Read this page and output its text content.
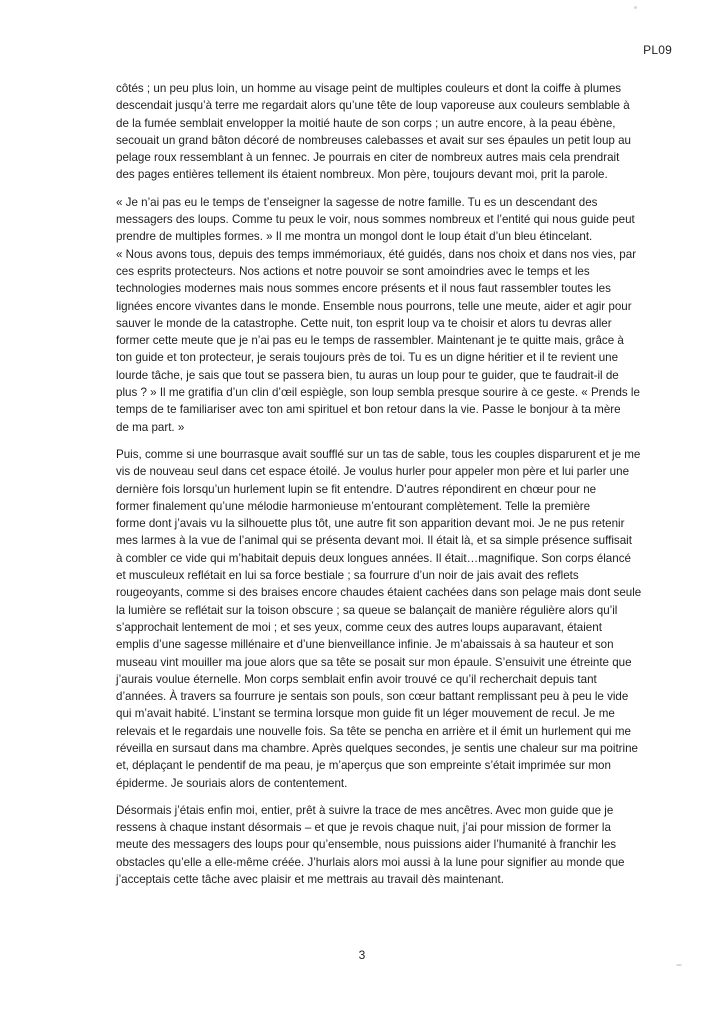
PL09

côtés ; un peu plus loin, un homme au visage peint de multiples couleurs et dont la coiffe à plumes
descendait jusqu’à terre me regardait alors qu’une tête de loup vaporeuse aux couleurs semblable à
de la fumée semblait envelopper la moitié haute de son corps ; un autre encore, à la peau ébène,
secouait un grand bâton décoré de nombreuses calebasses et avait sur ses épaules un petit loup au
pelage roux ressemblant à un fennec. Je pourrais en citer de nombreux autres mais cela prendrait
des pages entières tellement ils étaient nombreux. Mon père, toujours devant moi, prit la parole.

« Je n’ai pas eu le temps de t’enseigner la sagesse de notre famille. Tu es un descendant des
messagers des loups. Comme tu peux le voir, nous sommes nombreux et l’entité qui nous guide peut
prendre de multiples formes. » Il me montra un mongol dont le loup était d’un bleu étincelant.
« Nous avons tous, depuis des temps immémoriaux, été guidés, dans nos choix et dans nos vies, par
ces esprits protecteurs. Nos actions et notre pouvoir se sont amoindries avec le temps et les
technologies modernes mais nous sommes encore présents et il nous faut rassembler toutes les
lignées encore vivantes dans le monde. Ensemble nous pourrons, telle une meute, aider et agir pour
sauver le monde de la catastrophe. Cette nuit, ton esprit loup va te choisir et alors tu devras aller
former cette meute que je n’ai pas eu le temps de rassembler. Maintenant je te quitte mais, grâce à
ton guide et ton protecteur, je serais toujours près de toi. Tu es un digne héritier et il te revient une
lourde tâche, je sais que tout se passera bien, tu auras un loup pour te guider, que te faudrait-il de
plus ? » Il me gratifia d’un clin d’œil espiègle, son loup sembla presque sourire à ce geste. « Prends le
temps de te familiariser avec ton ami spirituel et bon retour dans la vie. Passe le bonjour à ta mère
de ma part. »

Puis, comme si une bourrasque avait soufflé sur un tas de sable, tous les couples disparurent et je me
vis de nouveau seul dans cet espace étoilé. Je voulus hurler pour appeler mon père et lui parler une
dernière fois lorsqu’un hurlement lupin se fit entendre. D’autres répondirent en chœur pour ne
former finalement qu’une mélodie harmonieuse m’entourant complètement. Telle la première
forme dont j’avais vu la silhouette plus tôt, une autre fit son apparition devant moi. Je ne pus retenir
mes larmes à la vue de l’animal qui se présenta devant moi. Il était là, et sa simple présence suffisait
à combler ce vide qui m’habitait depuis deux longues années. Il était…magnifique. Son corps élancé
et musculeux reflétait en lui sa force bestiale ; sa fourrure d’un noir de jais avait des reflets
rougeoyants, comme si des braises encore chaudes étaient cachées dans son pelage mais dont seule
la lumière se reflétait sur la toison obscure ; sa queue se balançait de manière régulière alors qu’il
s’approchait lentement de moi ; et ses yeux, comme ceux des autres loups auparavant, étaient
emplis d’une sagesse millénaire et d’une bienveillance infinie. Je m’abaissais à sa hauteur et son
museau vint mouiller ma joue alors que sa tête se posait sur mon épaule. S’ensuivit une étreinte que
j’aurais voulue éternelle. Mon corps semblait enfin avoir trouvé ce qu’il recherchait depuis tant
d’années. À travers sa fourrure je sentais son pouls, son cœur battant remplissant peu à peu le vide
qui m’avait habité. L’instant se termina lorsque mon guide fit un léger mouvement de recul. Je me
relevais et le regardais une nouvelle fois. Sa tête se pencha en arrière et il émit un hurlement qui me
réveilla en sursaut dans ma chambre. Après quelques secondes, je sentis une chaleur sur ma poitrine
et, déplaçant le pendentif de ma peau, je m’aperçus que son empreinte s’était imprimée sur mon
épiderme. Je souriais alors de contentement.

Désormais j’étais enfin moi, entier, prêt à suivre la trace de mes ancêtres. Avec mon guide que je
ressens à chaque instant désormais – et que je revois chaque nuit, j’ai pour mission de former la
meute des messagers des loups pour qu’ensemble, nous puissions aider l’humanité à franchir les
obstacles qu’elle a elle-même créée. J’hurlais alors moi aussi à la lune pour signifier au monde que
j’acceptais cette tâche avec plaisir et me mettrais au travail dès maintenant.

3
